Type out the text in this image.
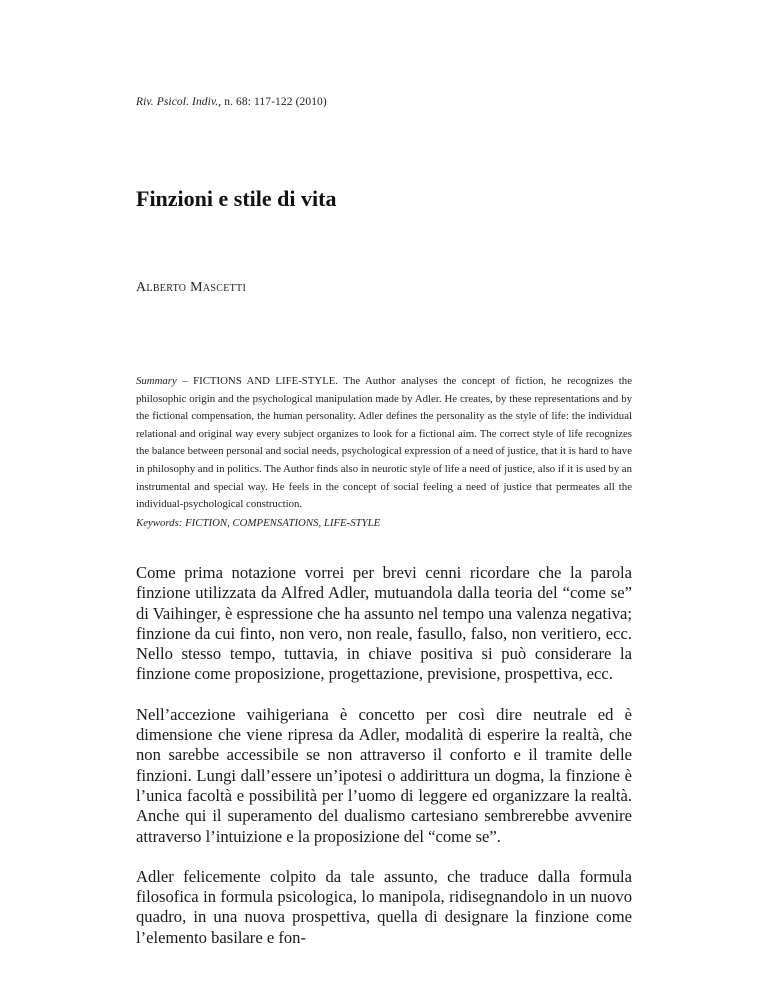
Riv. Psicol. Indiv., n. 68: 117-122 (2010)
Finzioni e stile di vita
Alberto Mascetti

Summary – FICTIONS AND LIFE-STYLE. The Author analyses the concept of fiction, he recognizes the philosophic origin and the psychological manipulation made by Adler. He creates, by these representations and by the fictional compensation, the human personality. Adler defines the personality as the style of life: the individual relational and original way every subject organizes to look for a fictional aim. The correct style of life recognizes the balance between personal and social needs, psychological expression of a need of justice, that it is hard to have in philosophy and in politics. The Author finds also in neurotic style of life a need of justice, also if it is used by an instrumental and special way. He feels in the concept of social feeling a need of justice that permeates all the individual-psychological construction.

Keywords: FICTION, COMPENSATIONS, LIFE-STYLE

Come prima notazione vorrei per brevi cenni ricordare che la parola finzione utilizzata da Alfred Adler, mutuandola dalla teoria del “come se” di Vaihinger, è espressione che ha assunto nel tempo una valenza negativa; finzione da cui finto, non vero, non reale, fasullo, falso, non veritiero, ecc. Nello stesso tempo, tuttavia, in chiave positiva si può considerare la finzione come proposizione, progettazione, previsione, prospettiva, ecc.

Nell’accezione vaihigeriana è concetto per così dire neutrale ed è dimensione che viene ripresa da Adler, modalità di esperire la realtà, che non sarebbe accessibile se non attraverso il conforto e il tramite delle finzioni. Lungi dall’essere un’ipotesi o addirittura un dogma, la finzione è l’unica facoltà e possibilità per l’uomo di leggere ed organizzare la realtà. Anche qui il superamento del dualismo cartesiano sembrerebbe avvenire attraverso l’intuizione e la proposizione del “come se”.

Adler felicemente colpito da tale assunto, che traduce dalla formula filosofica in formula psicologica, lo manipola, ridisegnandolo in un nuovo quadro, in una nuova prospettiva, quella di designare la finzione come l’elemento basilare e fon-
